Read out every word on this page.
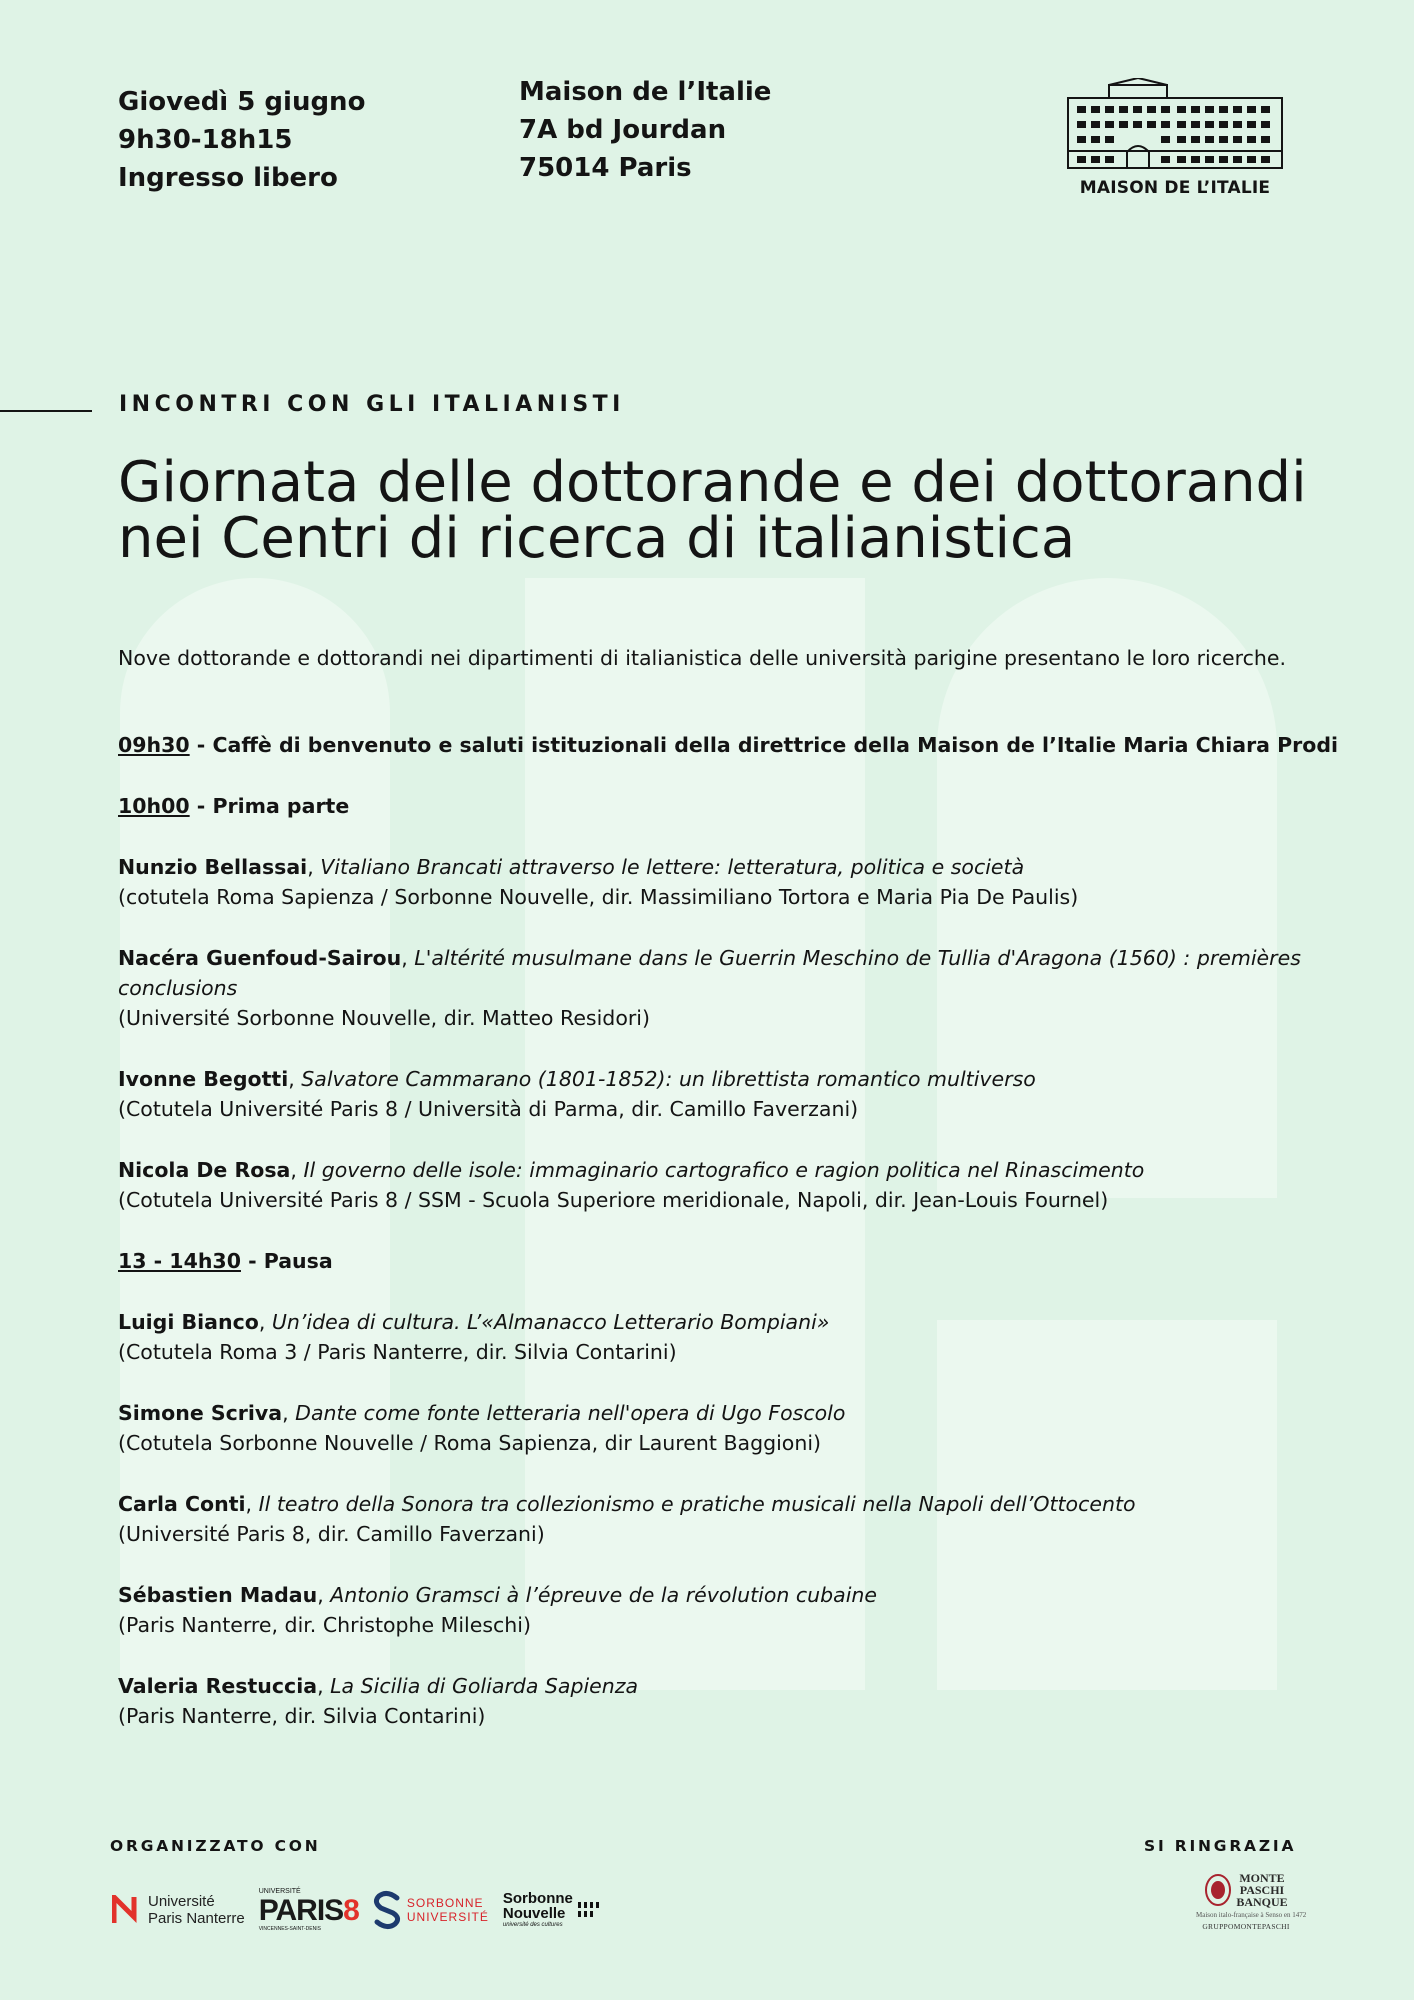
Giovedì 5 giugno
9h30-18h15
Ingresso libero
Maison de l’Italie
7A bd Jourdan
75014 Paris
MAISON DE L’ITALIE
INCONTRI CON GLI ITALIANISTI
Giornata delle dottorande e dei dottorandi
nei Centri di ricerca di italianistica
Nove dottorande e dottorandi nei dipartimenti di italianistica delle università parigine presentano le loro ricerche.
09h30 - Caffè di benvenuto e saluti istituzionali della direttrice della Maison de l’Italie Maria Chiara Prodi
10h00 - Prima parte
Nunzio Bellassai, Vitaliano Brancati attraverso le lettere: letteratura, politica e società
(cotutela Roma Sapienza / Sorbonne Nouvelle, dir. Massimiliano Tortora e Maria Pia De Paulis)
Nacéra Guenfoud-Sairou, L'altérité musulmane dans le Guerrin Meschino de Tullia d'Aragona (1560) : premières conclusions
(Université Sorbonne Nouvelle, dir. Matteo Residori)
Ivonne Begotti, Salvatore Cammarano (1801-1852): un librettista romantico multiverso
(Cotutela Université Paris 8 / Università di Parma, dir. Camillo Faverzani)
Nicola De Rosa, Il governo delle isole: immaginario cartografico e ragion politica nel Rinascimento
(Cotutela Université Paris 8 / SSM - Scuola Superiore meridionale, Napoli, dir. Jean-Louis Fournel)
13 - 14h30 - Pausa
Luigi Bianco, Un’idea di cultura. L’«Almanacco Letterario Bompiani»
(Cotutela Roma 3 / Paris Nanterre, dir. Silvia Contarini)
Simone Scriva, Dante come fonte letteraria nell'opera di Ugo Foscolo
(Cotutela Sorbonne Nouvelle / Roma Sapienza, dir Laurent Baggioni)
Carla Conti, Il teatro della Sonora tra collezionismo e pratiche musicali nella Napoli dell’Ottocento
(Université Paris 8, dir. Camillo Faverzani)
Sébastien Madau, Antonio Gramsci à l’épreuve de la révolution cubaine
(Paris Nanterre, dir. Christophe Mileschi)
Valeria Restuccia, La Sicilia di Goliarda Sapienza
(Paris Nanterre, dir. Silvia Contarini)
ORGANIZZATO CON	SI RINGRAZIA
Université
Paris Nanterre
UNIVERSITÉ
PARIS8
VINCENNES-SAINT-DENIS
SORBONNE
UNIVERSITÉ
Sorbonne
Nouvelle
université des cultures
MONTE
PASCHI
BANQUE
Maison italo-française à Senso en 1472
GRUPPOMONTEPASCHI
